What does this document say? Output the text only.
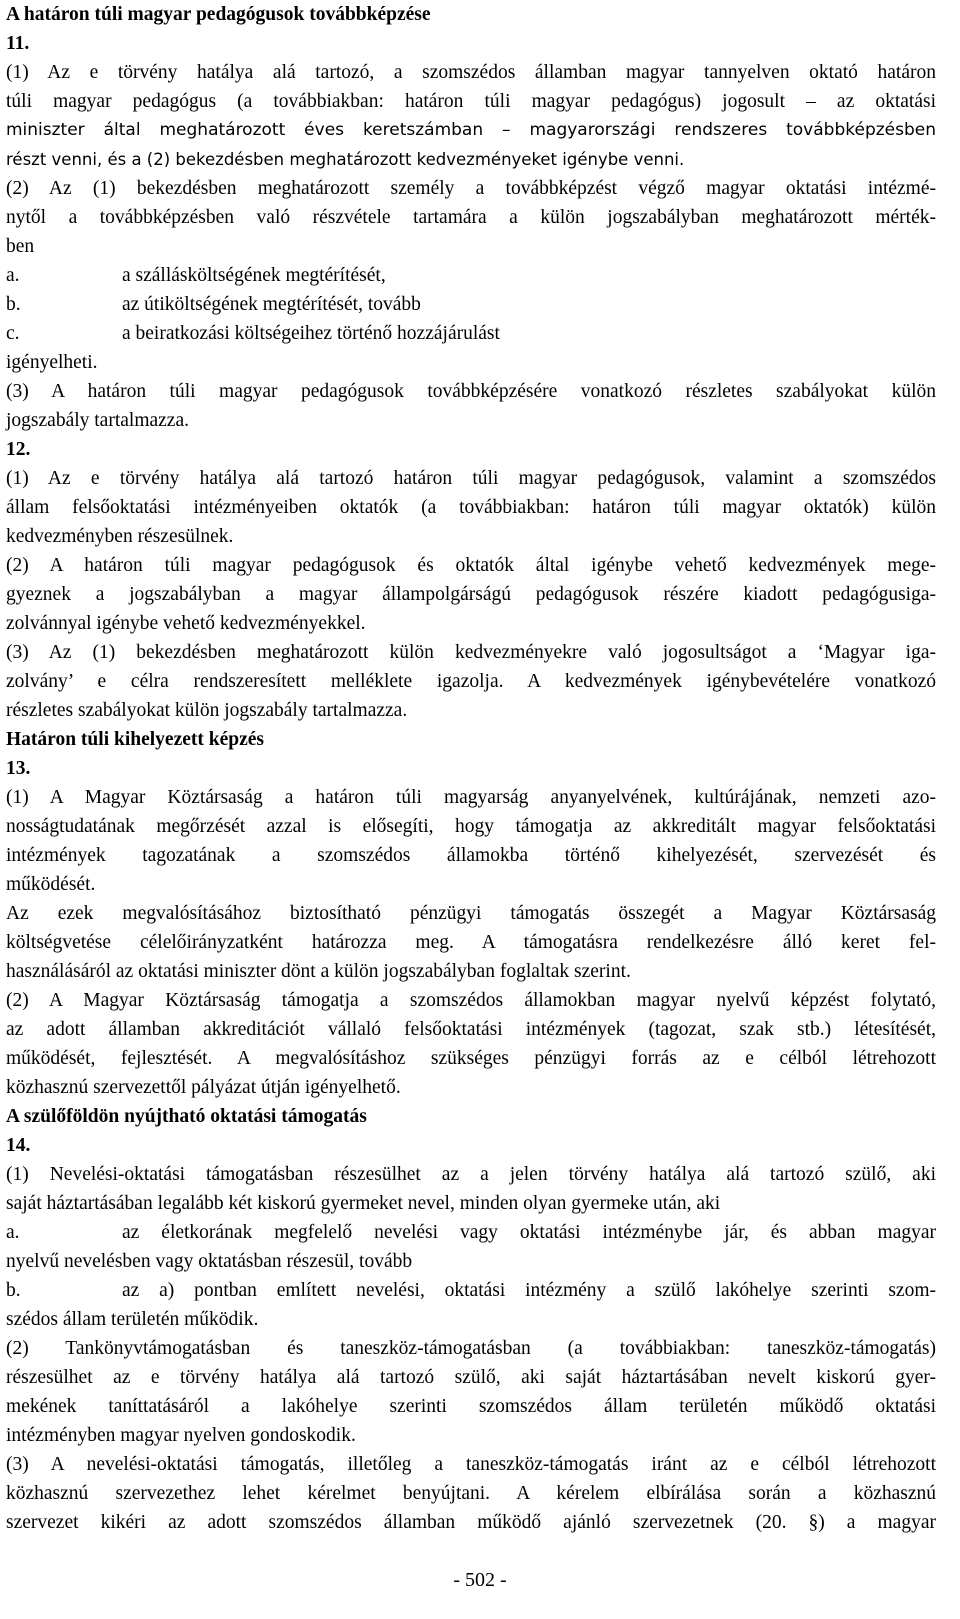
A határon túli magyar pedagógusok továbbképzése
11.
(1) Az e törvény hatálya alá tartozó, a szomszédos államban magyar tannyelven oktató határon
túli magyar pedagógus (a továbbiakban: határon túli magyar pedagógus) jogosult – az oktatási
miniszter által meghatározott éves keretszámban – magyarországi rendszeres továbbképzésben
részt venni, és a (2) bekezdésben meghatározott kedvezményeket igénybe venni.
(2) Az (1) bekezdésben meghatározott személy a továbbképzést végző magyar oktatási intézmé-
nytől a továbbképzésben való részvétele tartamára a külön jogszabályban meghatározott mérték-
ben
a.	a szállásköltségének megtérítését,
b.	az útiköltségének megtérítését, tovább
c.	a beiratkozási költségeihez történő hozzájárulást
igényelheti.
(3) A határon túli magyar pedagógusok továbbképzésére vonatkozó részletes szabályokat külön
jogszabály tartalmazza.
12.
(1) Az e törvény hatálya alá tartozó határon túli magyar pedagógusok, valamint a szomszédos
állam felsőoktatási intézményeiben oktatók (a továbbiakban: határon túli magyar oktatók) külön
kedvezményben részesülnek.
(2) A határon túli magyar pedagógusok és oktatók által igénybe vehető kedvezmények mege-
gyeznek a jogszabályban a magyar állampolgárságú pedagógusok részére kiadott pedagógusiga-
zolvánnyal igénybe vehető kedvezményekkel.
(3) Az (1) bekezdésben meghatározott külön kedvezményekre való jogosultságot a ‘Magyar iga-
zolvány’ e célra rendszeresített melléklete igazolja. A kedvezmények igénybevételére vonatkozó
részletes szabályokat külön jogszabály tartalmazza.
Határon túli kihelyezett képzés
13.
(1) A Magyar Köztársaság a határon túli magyarság anyanyelvének, kultúrájának, nemzeti azo-
nosságtudatának megőrzését azzal is elősegíti, hogy támogatja az akkreditált magyar felsőoktatási
intézmények tagozatának a szomszédos államokba történő kihelyezését, szervezését és
működését.
Az ezek megvalósításához biztosítható pénzügyi támogatás összegét a Magyar Köztársaság
költségvetése célelőirányzatként határozza meg. A támogatásra rendelkezésre álló keret fel-
használásáról az oktatási miniszter dönt a külön jogszabályban foglaltak szerint.
(2) A Magyar Köztársaság támogatja a szomszédos államokban magyar nyelvű képzést folytató,
az adott államban akkreditációt vállaló felsőoktatási intézmények (tagozat, szak stb.) létesítését,
működését, fejlesztését. A megvalósításhoz szükséges pénzügyi forrás az e célból létrehozott
közhasznú szervezettől pályázat útján igényelhető.
A szülőföldön nyújtható oktatási támogatás
14.
(1) Nevelési-oktatási támogatásban részesülhet az a jelen törvény hatálya alá tartozó szülő, aki
saját háztartásában legalább két kiskorú gyermeket nevel, minden olyan gyermeke után, aki
a.	az életkorának megfelelő nevelési vagy oktatási intézménybe jár, és abban magyar
nyelvű nevelésben vagy oktatásban részesül, tovább
b.	az a) pontban említett nevelési, oktatási intézmény a szülő lakóhelye szerinti szom-
szédos állam területén működik.
(2) Tankönyvtámogatásban és taneszköz-támogatásban (a továbbiakban: taneszköz-támogatás)
részesülhet az e törvény hatálya alá tartozó szülő, aki saját háztartásában nevelt kiskorú gyer-
mekének taníttatásáról a lakóhelye szerinti szomszédos állam területén működő oktatási
intézményben magyar nyelven gondoskodik.
(3) A nevelési-oktatási támogatás, illetőleg a taneszköz-támogatás iránt az e célból létrehozott
közhasznú szervezethez lehet kérelmet benyújtani. A kérelem elbírálása során a közhasznú
szervezet kikéri az adott szomszédos államban működő ajánló szervezetnek (20. §) a magyar
- 502 -
